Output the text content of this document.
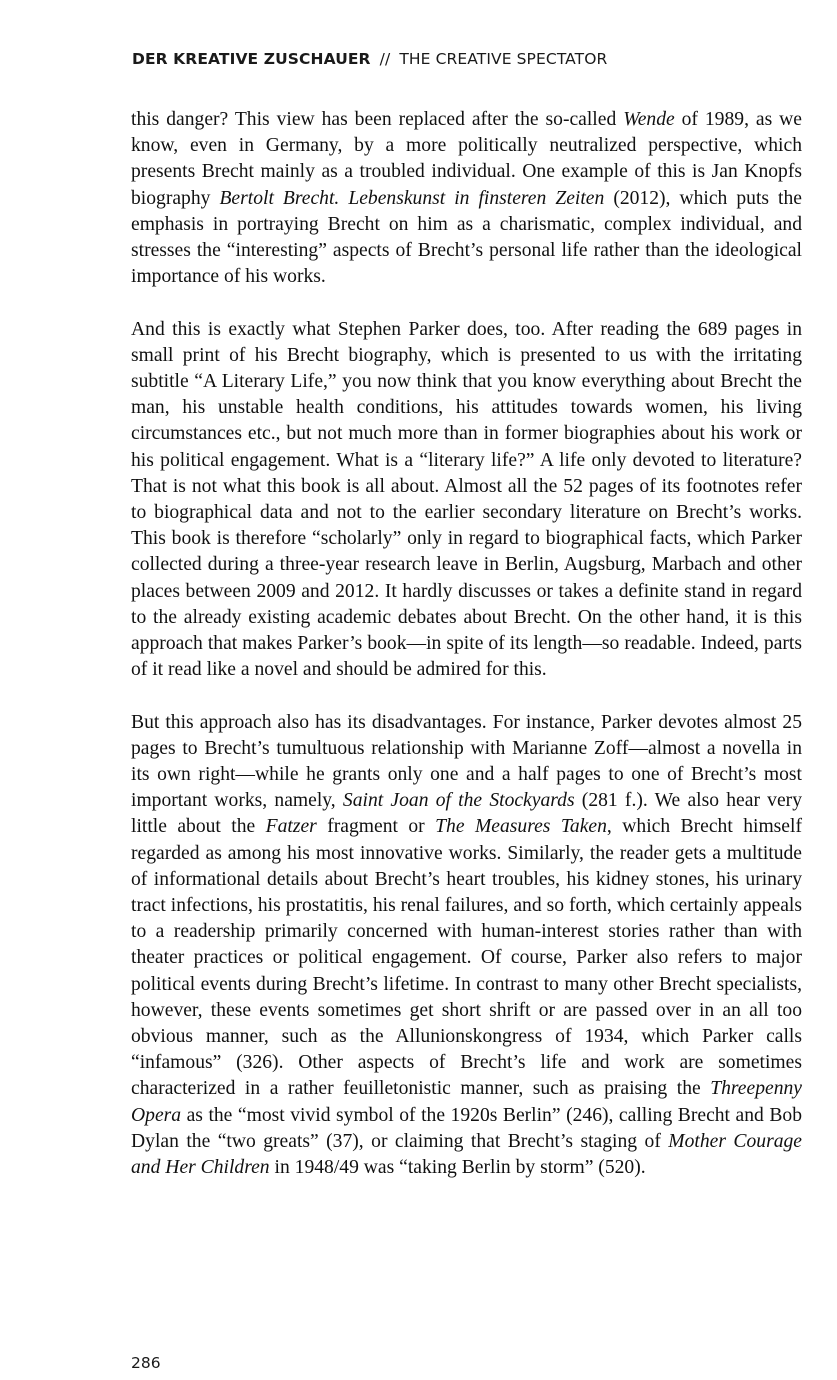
DER KREATIVE ZUSCHAUER // THE CREATIVE SPECTATOR

this danger? This view has been replaced after the so-called Wende of 1989, as we know, even in Germany, by a more politically neutralized perspective, which presents Brecht mainly as a troubled individual. One example of this is Jan Knopfs biography Bertolt Brecht. Lebenskunst in finsteren Zeiten (2012), which puts the emphasis in portraying Brecht on him as a charismatic, complex individual, and stresses the “interesting” aspects of Brecht’s personal life rather than the ideological importance of his works.

And this is exactly what Stephen Parker does, too. After reading the 689 pages in small print of his Brecht biography, which is presented to us with the irritating subtitle “A Literary Life,” you now think that you know everything about Brecht the man, his unstable health conditions, his attitudes towards women, his living circumstances etc., but not much more than in former biographies about his work or his political engagement. What is a “literary life?” A life only devoted to literature? That is not what this book is all about. Almost all the 52 pages of its footnotes refer to biographical data and not to the earlier secondary literature on Brecht’s works. This book is therefore “scholarly” only in regard to biographical facts, which Parker collected during a three-year research leave in Berlin, Augsburg, Marbach and other places between 2009 and 2012. It hardly discusses or takes a definite stand in regard to the already existing academic debates about Brecht. On the other hand, it is this approach that makes Parker’s book—in spite of its length—so readable. Indeed, parts of it read like a novel and should be admired for this.

But this approach also has its disadvantages. For instance, Parker devotes almost 25 pages to Brecht’s tumultuous relationship with Marianne Zoff—almost a novella in its own right—while he grants only one and a half pages to one of Brecht’s most important works, namely, Saint Joan of the Stockyards (281 f.). We also hear very little about the Fatzer fragment or The Measures Taken, which Brecht himself regarded as among his most innovative works. Similarly, the reader gets a multitude of informational details about Brecht’s heart troubles, his kidney stones, his urinary tract infections, his prostatitis, his renal failures, and so forth, which certainly appeals to a readership primarily concerned with human-interest stories rather than with theater practices or political engagement. Of course, Parker also refers to major political events during Brecht’s lifetime. In contrast to many other Brecht specialists, however, these events sometimes get short shrift or are passed over in an all too obvious manner, such as the Allunionskongress of 1934, which Parker calls “infamous” (326). Other aspects of Brecht’s life and work are sometimes characterized in a rather feuilletonistic manner, such as praising the Threepenny Opera as the “most vivid symbol of the 1920s Berlin” (246), calling Brecht and Bob Dylan the “two greats” (37), or claiming that Brecht’s staging of Mother Courage and Her Children in 1948/49 was “taking Berlin by storm” (520).

286
